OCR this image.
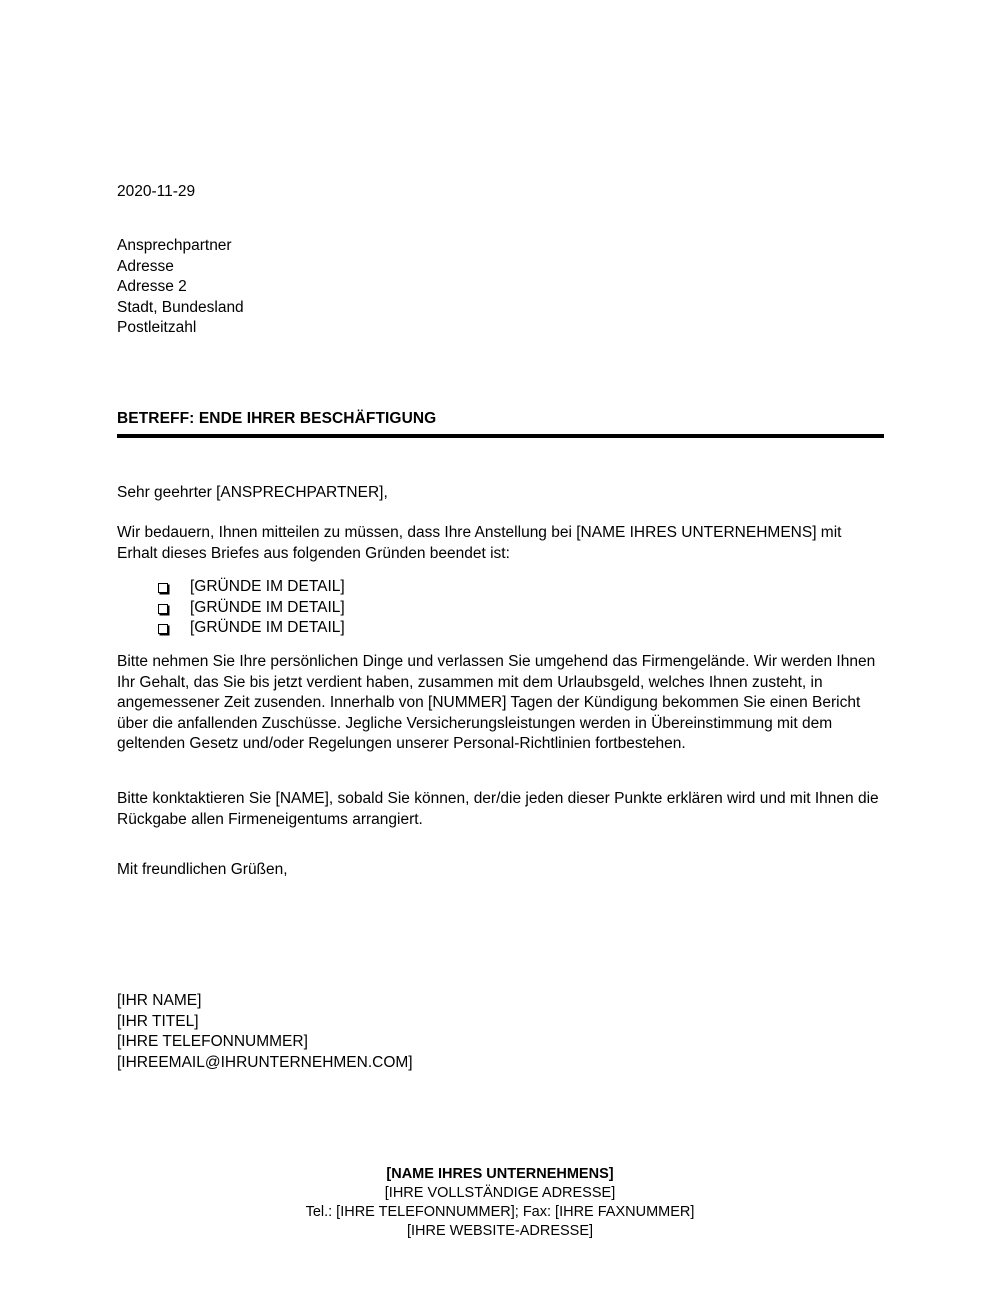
2020-11-29
Ansprechpartner
Adresse
Adresse 2
Stadt, Bundesland
Postleitzahl
BETREFF: ENDE IHRER BESCHÄFTIGUNG
Sehr geehrter [ANSPRECHPARTNER],
Wir bedauern, Ihnen mitteilen zu müssen, dass Ihre Anstellung bei [NAME IHRES UNTERNEHMENS] mit Erhalt dieses Briefes aus folgenden Gründen beendet ist:
[GRÜNDE IM DETAIL]
[GRÜNDE IM DETAIL]
[GRÜNDE IM DETAIL]
Bitte nehmen Sie Ihre persönlichen Dinge und verlassen Sie umgehend das Firmengelände. Wir werden Ihnen Ihr Gehalt, das Sie bis jetzt verdient haben, zusammen mit dem Urlaubsgeld, welches Ihnen zusteht, in angemessener Zeit zusenden. Innerhalb von [NUMMER] Tagen der Kündigung bekommen Sie einen Bericht über die anfallenden Zuschüsse. Jegliche Versicherungsleistungen werden in Übereinstimmung mit dem geltenden Gesetz und/oder Regelungen unserer Personal-Richtlinien fortbestehen.
Bitte konktaktieren Sie [NAME], sobald Sie können, der/die jeden dieser Punkte erklären wird und mit Ihnen die Rückgabe allen Firmeneigentums arrangiert.
Mit freundlichen Grüßen,
[IHR NAME]
[IHR TITEL]
[IHRE TELEFONNUMMER]
[IHREEMAIL@IHRUNTERNEHMEN.COM]
[NAME IHRES UNTERNEHMENS]
[IHRE VOLLSTÄNDIGE ADRESSE]
Tel.: [IHRE TELEFONNUMMER]; Fax: [IHRE FAXNUMMER]
[IHRE WEBSITE-ADRESSE]
